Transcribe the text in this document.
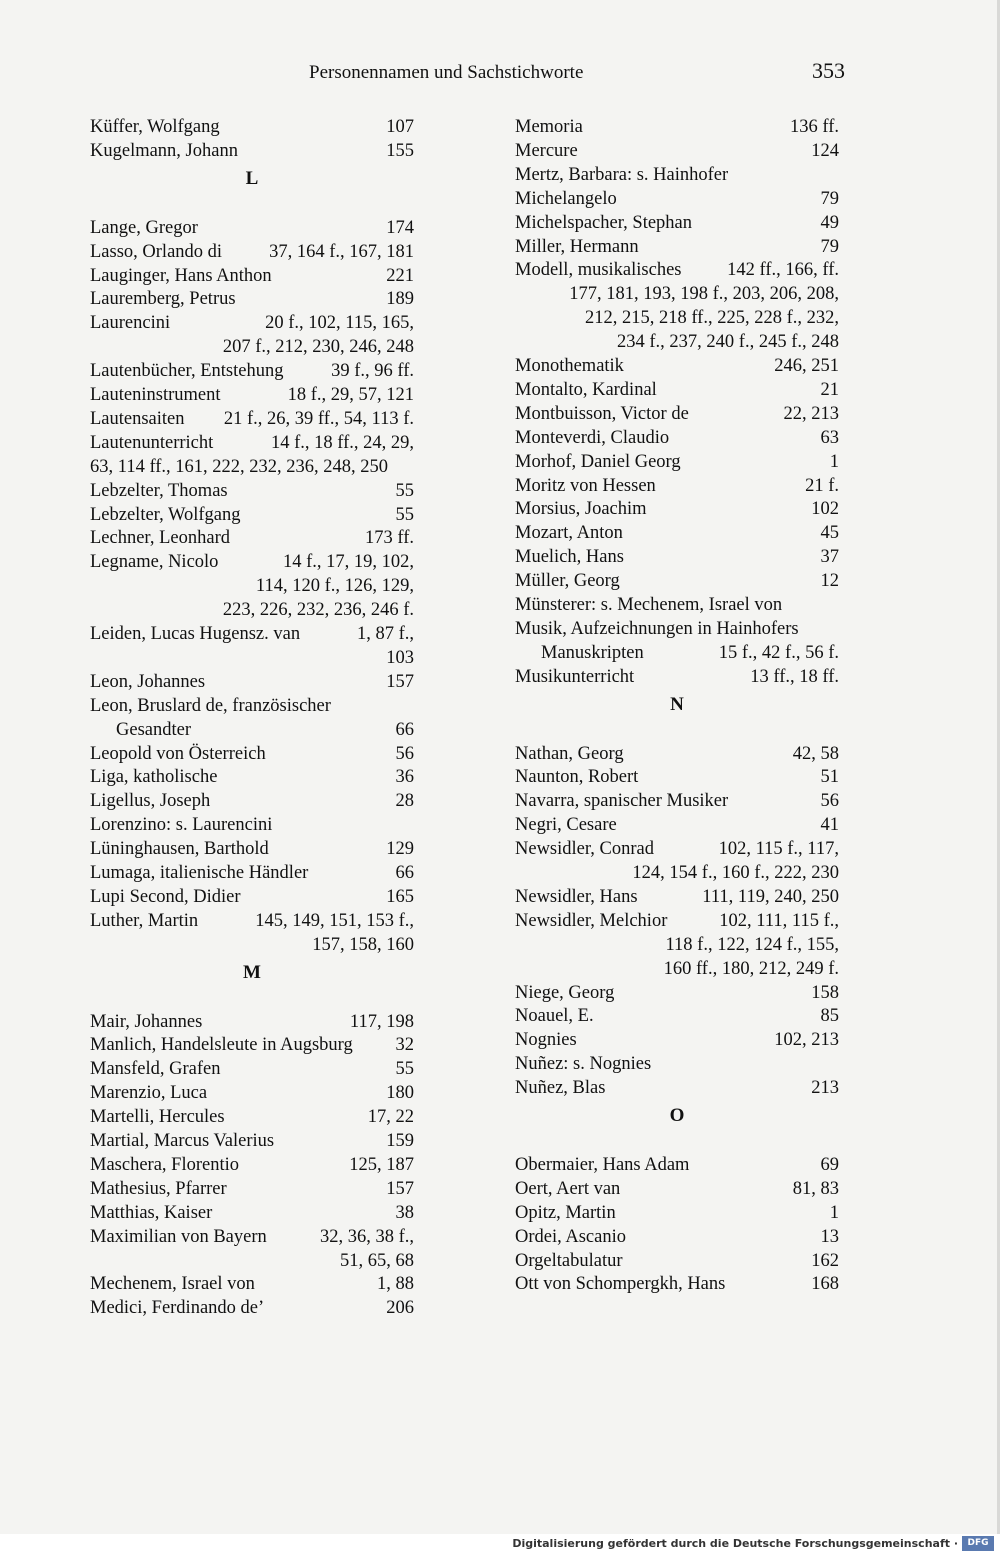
Personennamen und Sachstichworte	353
Küffer, Wolfgang	107
Kugelmann, Johann	155
L
Lange, Gregor	174
Lasso, Orlando di	37, 164 f., 167, 181
Lauginger, Hans Anthon	221
Lauremberg, Petrus	189
Laurencini	20 f., 102, 115, 165,
207 f., 212, 230, 246, 248
Lautenbücher, Entstehung	39 f., 96 ff.
Lauteninstrument	18 f., 29, 57, 121
Lautensaiten 21 f., 26, 39 ff., 54, 113 f.
Lautenunterricht	14 f., 18 ff., 24, 29,
63, 114 ff., 161, 222, 232, 236, 248, 250
Lebzelter, Thomas	55
Lebzelter, Wolfgang	55
Lechner, Leonhard	173 ff.
Legname, Nicolo	14 f., 17, 19, 102,
114, 120 f., 126, 129,
223, 226, 232, 236, 246 f.
Leiden, Lucas Hugensz. van	1, 87 f.,
103
Leon, Johannes	157
Leon, Bruslard de, französischer
Gesandter	66
Leopold von Österreich	56
Liga, katholische	36
Ligellus, Joseph	28
Lorenzino: s. Laurencini
Lüninghausen, Barthold	129
Lumaga, italienische Händler	66
Lupi Second, Didier	165
Luther, Martin	145, 149, 151, 153 f.,
157, 158, 160
M
Mair, Johannes	117, 198
Manlich, Handelsleute in Augsburg 32
Mansfeld, Grafen	55
Marenzio, Luca	180
Martelli, Hercules	17, 22
Martial, Marcus Valerius	159
Maschera, Florentio	125, 187
Mathesius, Pfarrer	157
Matthias, Kaiser	38
Maximilian von Bayern	32, 36, 38 f.,
51, 65, 68
Mechenem, Israel von	1, 88
Medici, Ferdinando de’	206
Memoria	136 ff.
Mercure	124
Mertz, Barbara: s. Hainhofer
Michelangelo	79
Michelspacher, Stephan	49
Miller, Hermann	79
Modell, musikalisches 142 ff., 166, ff.
177, 181, 193, 198 f., 203, 206, 208,
212, 215, 218 ff., 225, 228 f., 232,
234 f., 237, 240 f., 245 f., 248
Monothematik	246, 251
Montalto, Kardinal	21
Montbuisson, Victor de	22, 213
Monteverdi, Claudio	63
Morhof, Daniel Georg	1
Moritz von Hessen	21 f.
Morsius, Joachim	102
Mozart, Anton	45
Muelich, Hans	37
Müller, Georg	12
Münsterer: s. Mechenem, Israel von
Musik, Aufzeichnungen in Hainhofers
Manuskripten	15 f., 42 f., 56 f.
Musikunterricht	13 ff., 18 ff.
N
Nathan, Georg	42, 58
Naunton, Robert	51
Navarra, spanischer Musiker	56
Negri, Cesare	41
Newsidler, Conrad	102, 115 f., 117,
124, 154 f., 160 f., 222, 230
Newsidler, Hans	111, 119, 240, 250
Newsidler, Melchior	102, 111, 115 f.,
118 f., 122, 124 f., 155,
160 ff., 180, 212, 249 f.
Niege, Georg	158
Noauel, E.	85
Nognies	102, 213
Nuñez: s. Nognies
Nuñez, Blas	213
O
Obermaier, Hans Adam	69
Oert, Aert van	81, 83
Opitz, Martin	1
Ordei, Ascanio	13
Orgeltabulatur	162
Ott von Schompergkh, Hans	168
Digitalisierung gefördert durch die Deutsche Forschungsgemeinschaft ·	DFG
